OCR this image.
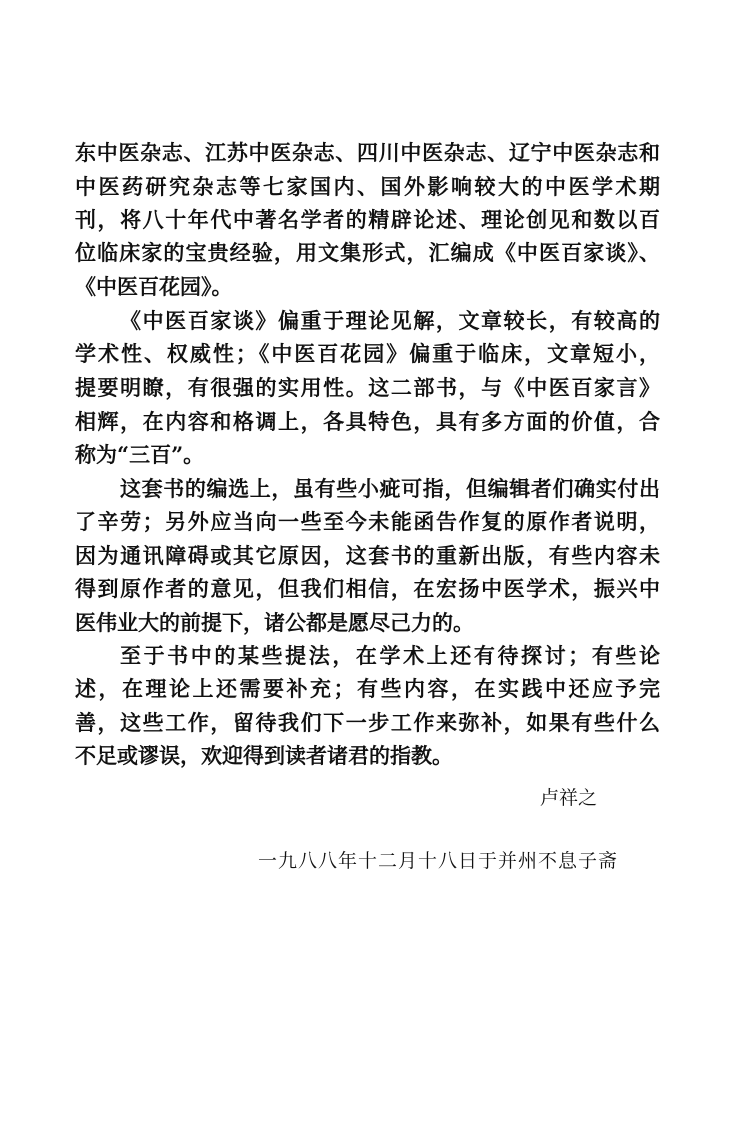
东中医杂志、江苏中医杂志、四川中医杂志、辽宁中医杂志和
中医药研究杂志等七家国内、国外影响较大的中医学术期
刊，将八十年代中著名学者的精辟论述、理论创见和数以百
位临床家的宝贵经验，用文集形式，汇编成《中医百家谈》、
《中医百花园》。
《中医百家谈》偏重于理论见解，文章较长，有较高的
学术性、权威性；《中医百花园》偏重于临床，文章短小，
提要明瞭，有很强的实用性。这二部书，与《中医百家言》
相辉，在内容和格调上，各具特色，具有多方面的价值，合
称为“三百”。
这套书的编选上，虽有些小疵可指，但编辑者们确实付出
了辛劳；另外应当向一些至今未能函告作复的原作者说明，
因为通讯障碍或其它原因，这套书的重新出版，有些内容未
得到原作者的意见，但我们相信，在宏扬中医学术，振兴中
医伟业大的前提下，诸公都是愿尽己力的。
至于书中的某些提法，在学术上还有待探讨；有些论
述，在理论上还需要补充；有些内容，在实践中还应予完
善，这些工作，留待我们下一步工作来弥补，如果有些什么
不足或谬误，欢迎得到读者诸君的指教。
卢祥之
一九八八年十二月十八日于并州不息子斋
